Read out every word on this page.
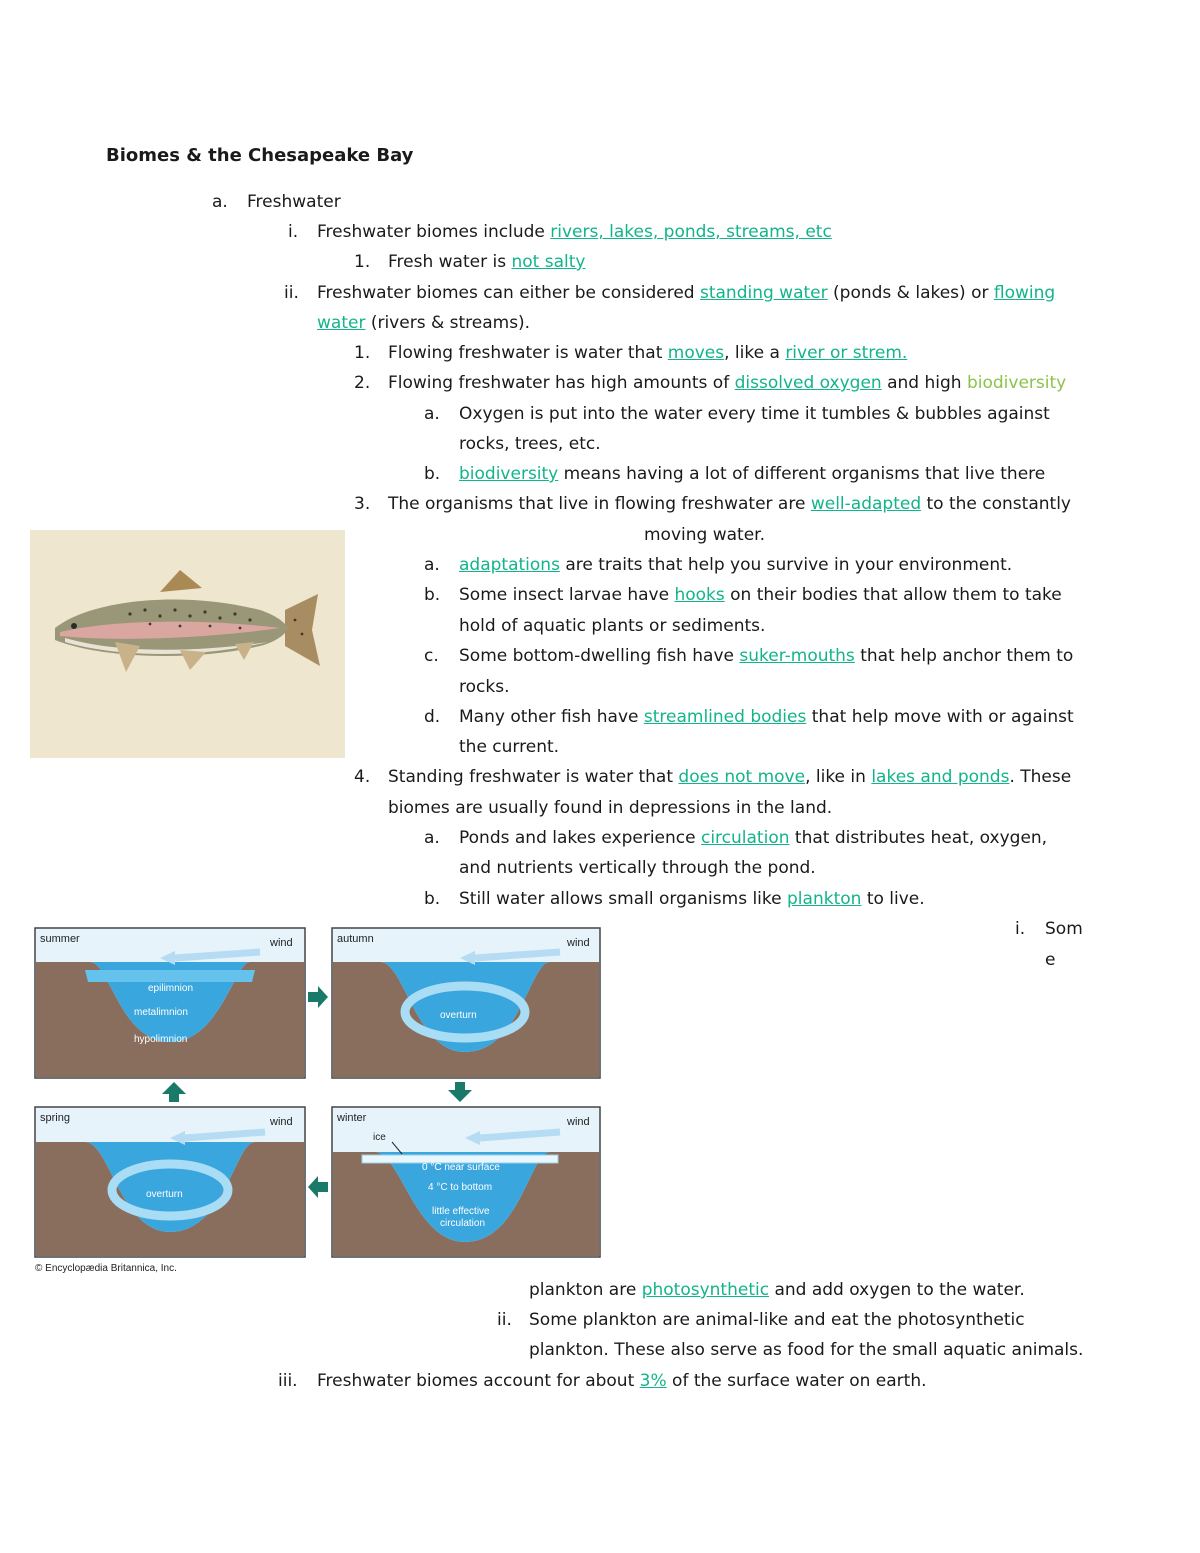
Biomes & the Chesapeake Bay
a. Freshwater
i. Freshwater biomes include rivers, lakes, ponds, streams, etc
1. Fresh water is not salty
ii. Freshwater biomes can either be considered standing water (ponds & lakes) or flowing
water (rivers & streams).
1. Flowing freshwater is water that moves, like a river or strem.
2. Flowing freshwater has high amounts of dissolved oxygen and high biodiversity
a. Oxygen is put into the water every time it tumbles & bubbles against
rocks, trees, etc.
b. biodiversity means having a lot of different organisms that live there
3. The organisms that live in flowing freshwater are well-adapted to the constantly
moving water.
a. adaptations are traits that help you survive in your environment.
b. Some insect larvae have hooks on their bodies that allow them to take
hold of aquatic plants or sediments.
c. Some bottom-dwelling fish have suker-mouths that help anchor them to
rocks.
d. Many other fish have streamlined bodies that help move with or against
the current.
4. Standing freshwater is water that does not move, like in lakes and ponds. These
biomes are usually found in depressions in the land.
a. Ponds and lakes experience circulation that distributes heat, oxygen,
and nutrients vertically through the pond.
b. Still water allows small organisms like plankton to live.
i. Som
e
plankton are photosynthetic and add oxygen to the water.
ii. Some plankton are animal-like and eat the photosynthetic
plankton. These also serve as food for the small aquatic animals.
iii. Freshwater biomes account for about 3% of the surface water on earth.
summer	wind
epilimnion
metalimnion
hypolimnion
autumn	wind
overturn
spring	wind
overturn
winter	wind
ice
0 °C near surface
4 °C to bottom
little effective
circulation
© Encyclopædia Britannica, Inc.
